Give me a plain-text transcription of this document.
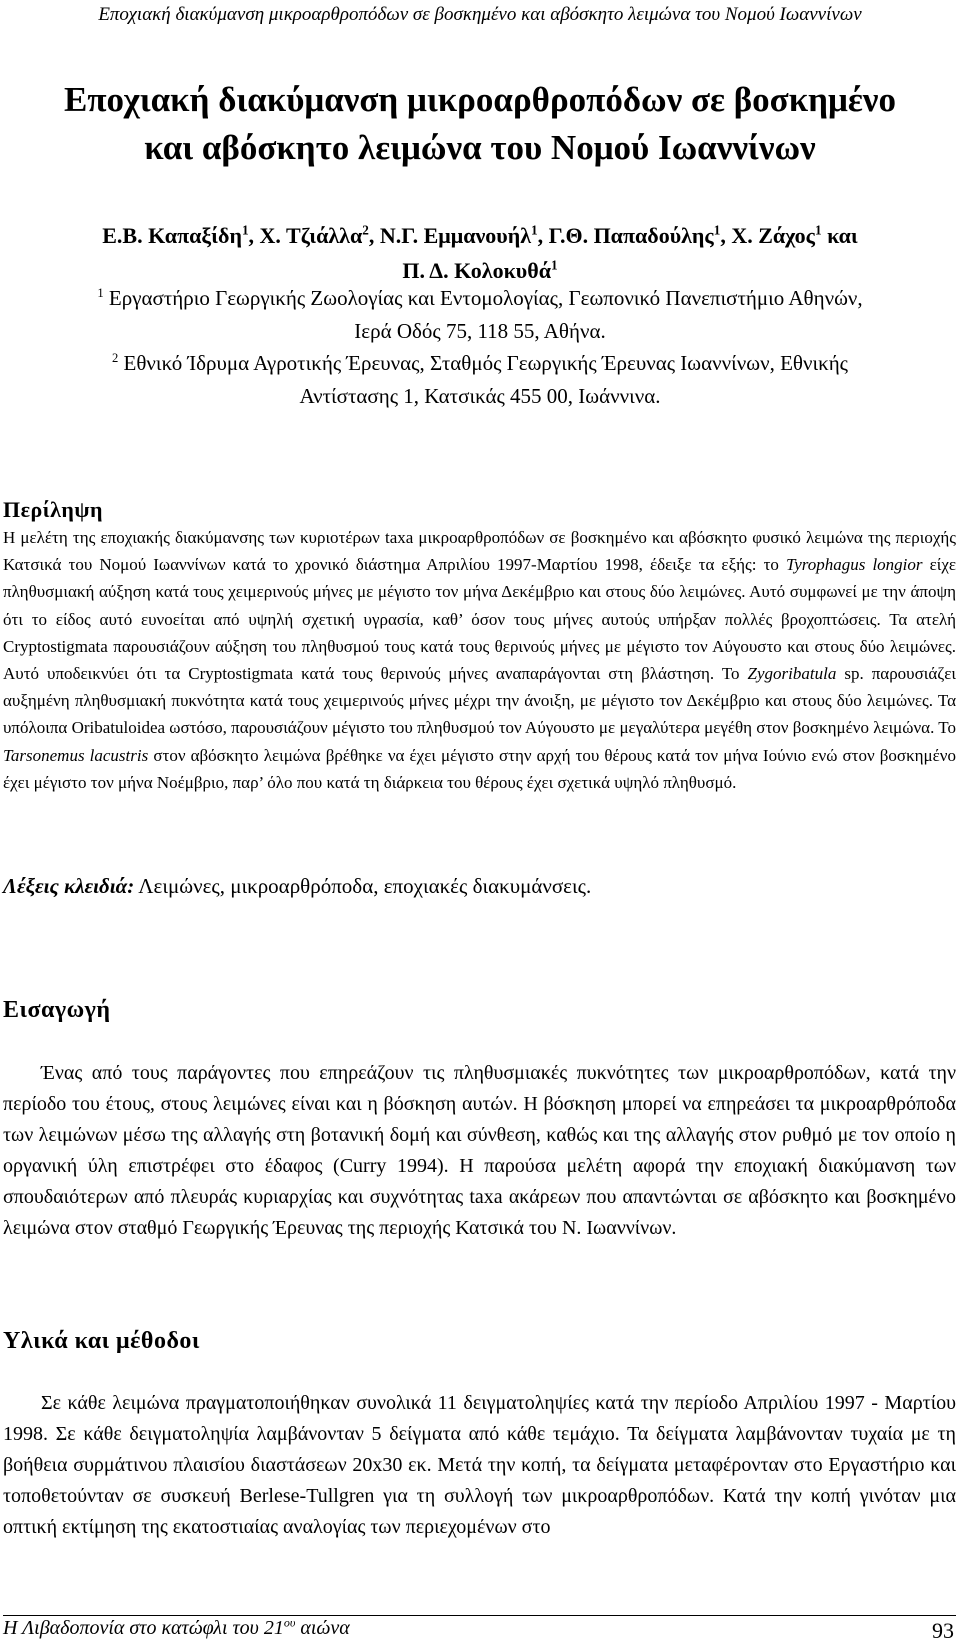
Εποχιακή διακύμανση μικροαρθροπόδων σε βοσκημένο και αβόσκητο λειμώνα του Νομού Ιωαννίνων
Εποχιακή διακύμανση μικροαρθροπόδων σε βοσκημένο
και αβόσκητο λειμώνα του Νομού Ιωαννίνων
Ε.Β. Καπαξίδη$^1$, Χ. Τζιάλλα$^2$, Ν.Γ. Εμμανουήλ$^1$, Γ.Θ. Παπαδούλης$^1$, Χ. Ζάχος$^1$ και
Π. Δ. Κολοκυθά$^1$
$^1$ Εργαστήριο Γεωργικής Ζωολογίας και Εντομολογίας, Γεωπονικό Πανεπιστήμιο Αθηνών,
Ιερά Οδός 75, 118 55, Αθήνα.
$^2$ Εθνικό Ίδρυμα Αγροτικής Έρευνας, Σταθμός Γεωργικής Έρευνας Ιωαννίνων, Εθνικής
Αντίστασης 1, Κατσικάς 455 00, Ιωάννινα.
Περίληψη
Η μελέτη της εποχιακής διακύμανσης των κυριοτέρων taxa μικροαρθροπόδων σε βοσκημένο και αβόσκητο φυσικό λειμώνα της περιοχής Κατσικά του Νομού Ιωαννίνων κατά το χρονικό διάστημα Απριλίου 1997-Μαρτίου 1998, έδειξε τα εξής: το Tyrophagus longior είχε πληθυσμιακή αύξηση κατά τους χειμερινούς μήνες με μέγιστο τον μήνα Δεκέμβριο και στους δύο λειμώνες. Αυτό συμφωνεί με την άποψη ότι το είδος αυτό ευνοείται από υψηλή σχετική υγρασία, καθ’ όσον τους μήνες αυτούς υπήρξαν πολλές βροχοπτώσεις. Τα ατελή Cryptostigmata παρουσιάζουν αύξηση του πληθυσμού τους κατά τους θερινούς μήνες με μέγιστο τον Αύγουστο και στους δύο λειμώνες. Αυτό υποδεικνύει ότι τα Cryptostigmata κατά τους θερινούς μήνες αναπαράγονται στη βλάστηση. Το Zygoribatula sp. παρουσιάζει αυξημένη πληθυσμιακή πυκνότητα κατά τους χειμερινούς μήνες μέχρι την άνοιξη, με μέγιστο τον Δεκέμβριο και στους δύο λειμώνες. Τα υπόλοιπα Oribatuloidea ωστόσο, παρουσιάζουν μέγιστο του πληθυσμού τον Αύγουστο με μεγαλύτερα μεγέθη στον βοσκημένο λειμώνα. Το Tarsonemus lacustris στον αβόσκητο λειμώνα βρέθηκε να έχει μέγιστο στην αρχή του θέρους κατά τον μήνα Ιούνιο ενώ στον βοσκημένο έχει μέγιστο τον μήνα Νοέμβριο, παρ’ όλο που κατά τη διάρκεια του θέρους έχει σχετικά υψηλό πληθυσμό.
Λέξεις κλειδιά: Λειμώνες, μικροαρθρόποδα, εποχιακές διακυμάνσεις.
Εισαγωγή
Ένας από τους παράγοντες που επηρεάζουν τις πληθυσμιακές πυκνότητες των μικροαρθροπόδων, κατά την περίοδο του έτους, στους λειμώνες είναι και η βόσκηση αυτών. Η βόσκηση μπορεί να επηρεάσει τα μικροαρθρόποδα των λειμώνων μέσω της αλλαγής στη βοτανική δομή και σύνθεση, καθώς και της αλλαγής στον ρυθμό με τον οποίο η οργανική ύλη επιστρέφει στο έδαφος (Curry 1994). Η παρούσα μελέτη αφορά την εποχιακή διακύμανση των σπουδαιότερων από πλευράς κυριαρχίας και συχνότητας taxa ακάρεων που απαντώνται σε αβόσκητο και βοσκημένο λειμώνα στον σταθμό Γεωργικής Έρευνας της περιοχής Κατσικά του Ν. Ιωαννίνων.
Υλικά και μέθοδοι
Σε κάθε λειμώνα πραγματοποιήθηκαν συνολικά 11 δειγματοληψίες κατά την περίοδο Απριλίου 1997 - Μαρτίου 1998. Σε κάθε δειγματοληψία λαμβάνονταν 5 δείγματα από κάθε τεμάχιο. Τα δείγματα λαμβάνονταν τυχαία με τη βοήθεια συρμάτινου πλαισίου διαστάσεων 20x30 εκ. Μετά την κοπή, τα δείγματα μεταφέρονταν στο Εργαστήριο και τοποθετούνταν σε συσκευή Berlese-Tullgren για τη συλλογή των μικροαρθροπόδων. Κατά την κοπή γινόταν μια οπτική εκτίμηση της εκατοστιαίας αναλογίας των περιεχομένων στο
Η Λιβαδοπονία στο κατώφλι του $21^{o\upsilon}$ αιώνα	93
